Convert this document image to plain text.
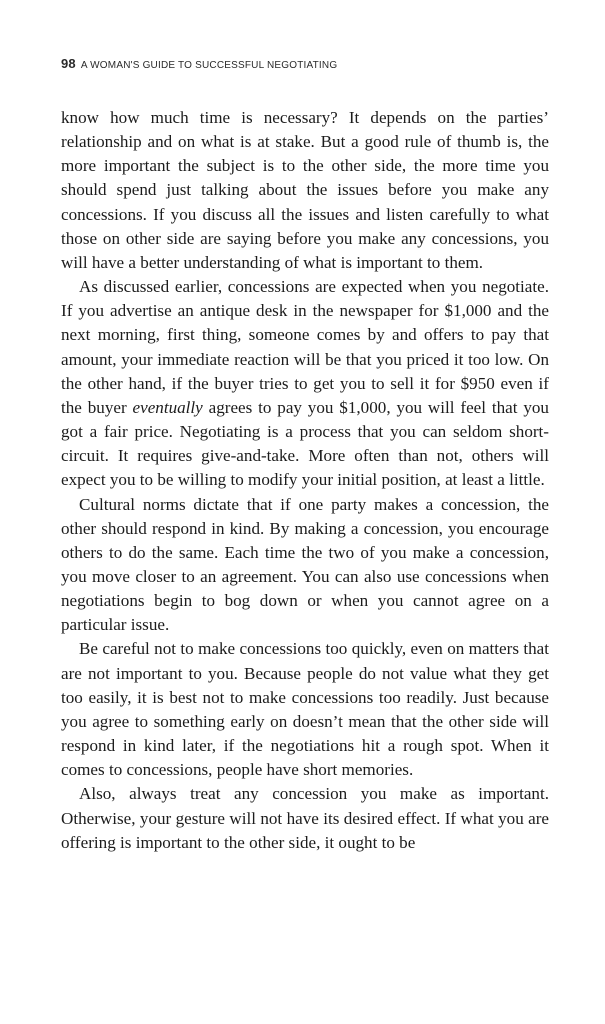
98 A WOMAN'S GUIDE TO SUCCESSFUL NEGOTIATING

know how much time is necessary? It depends on the parties’ relationship and on what is at stake. But a good rule of thumb is, the more important the subject is to the other side, the more time you should spend just talking about the issues before you make any concessions. If you discuss all the issues and listen carefully to what those on other side are saying before you make any concessions, you will have a better understanding of what is important to them.

As discussed earlier, concessions are expected when you negotiate. If you advertise an antique desk in the newspaper for $1,000 and the next morning, first thing, someone comes by and offers to pay that amount, your immediate reaction will be that you priced it too low. On the other hand, if the buyer tries to get you to sell it for $950 even if the buyer eventually agrees to pay you $1,000, you will feel that you got a fair price. Negotiating is a process that you can seldom short-circuit. It requires give-and-take. More often than not, others will expect you to be willing to modify your initial position, at least a little.

Cultural norms dictate that if one party makes a concession, the other should respond in kind. By making a concession, you encourage others to do the same. Each time the two of you make a concession, you move closer to an agreement. You can also use concessions when negotiations begin to bog down or when you cannot agree on a particular issue.

Be careful not to make concessions too quickly, even on matters that are not important to you. Because people do not value what they get too easily, it is best not to make concessions too readily. Just because you agree to something early on doesn’t mean that the other side will respond in kind later, if the negotiations hit a rough spot. When it comes to concessions, people have short memories.

Also, always treat any concession you make as important. Otherwise, your gesture will not have its desired effect. If what you are offering is important to the other side, it ought to be
